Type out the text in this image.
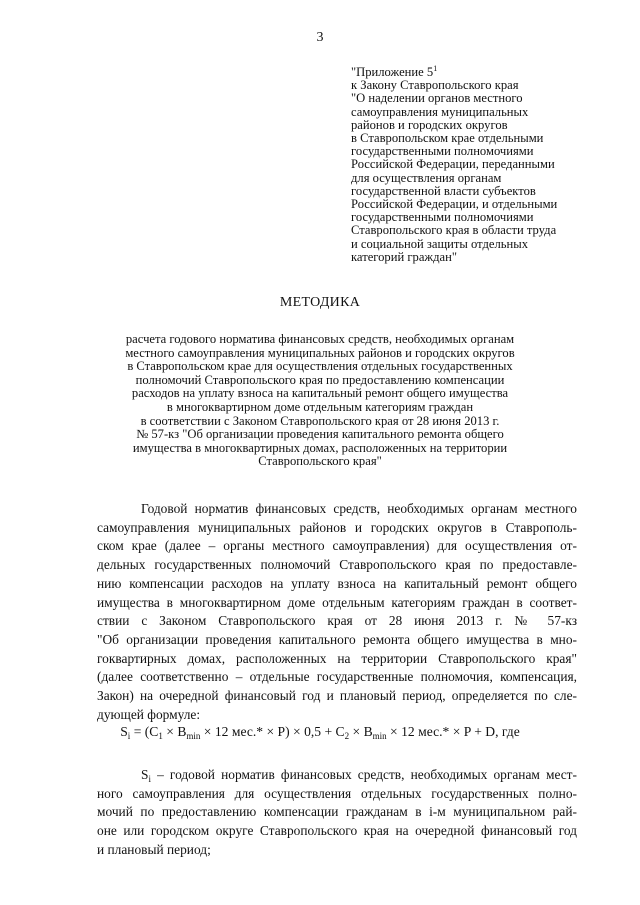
3
"Приложение $5^1$
к Закону Ставропольского края
"О наделении органов местного
самоуправления муниципальных
районов и городских округов
в Ставропольском крае отдельными
государственными полномочиями
Российской Федерации, переданными
для осуществления органам
государственной власти субъектов
Российской Федерации, и отдельными
государственными полномочиями
Ставропольского края в области труда
и социальной защиты отдельных
категорий граждан"
МЕТОДИКА
расчета годового норматива финансовых средств, необходимых органам
местного самоуправления муниципальных районов и городских округов
в Ставропольском крае для осуществления отдельных государственных
полномочий Ставропольского края по предоставлению компенсации
расходов на уплату взноса на капитальный ремонт общего имущества
в многоквартирном доме отдельным категориям граждан
в соответствии с Законом Ставропольского края от 28 июня 2013 г.
№ 57-кз "Об организации проведения капитального ремонта общего
имущества в многоквартирных домах, расположенных на территории
Ставропольского края"
Годовой норматив финансовых средств, необходимых органам местного
самоуправления муниципальных районов и городских округов в Ставрополь-
ском крае (далее – органы местного самоуправления) для осуществления от-
дельных государственных полномочий Ставропольского края по предоставле-
нию компенсации расходов на уплату взноса на капитальный ремонт общего
имущества в многоквартирном доме отдельным категориям граждан в соответ-
ствии с Законом Ставропольского края от 28 июня 2013 г. № 57-кз
"Об организации проведения капитального ремонта общего имущества в мно-
гоквартирных домах, расположенных на территории Ставропольского края"
(далее соответственно – отдельные государственные полномочия, компенсация,
Закон) на очередной финансовый год и плановый период, определяется по сле-
дующей формуле:
$S_i = (C_1 \times B_{min} \times 12$ $мес.* \times P) \times 0,5 + C_2 \times B_{min} \times 12$ мес.* × P + D, где
$S_i$ – годовой норматив финансовых средств, необходимых органам мест-
ного самоуправления для осуществления отдельных государственных полно-
мочий по предоставлению компенсации гражданам в i-м муниципальном рай-
оне или городском округе Ставропольского края на очередной финансовый год
и плановый период;
